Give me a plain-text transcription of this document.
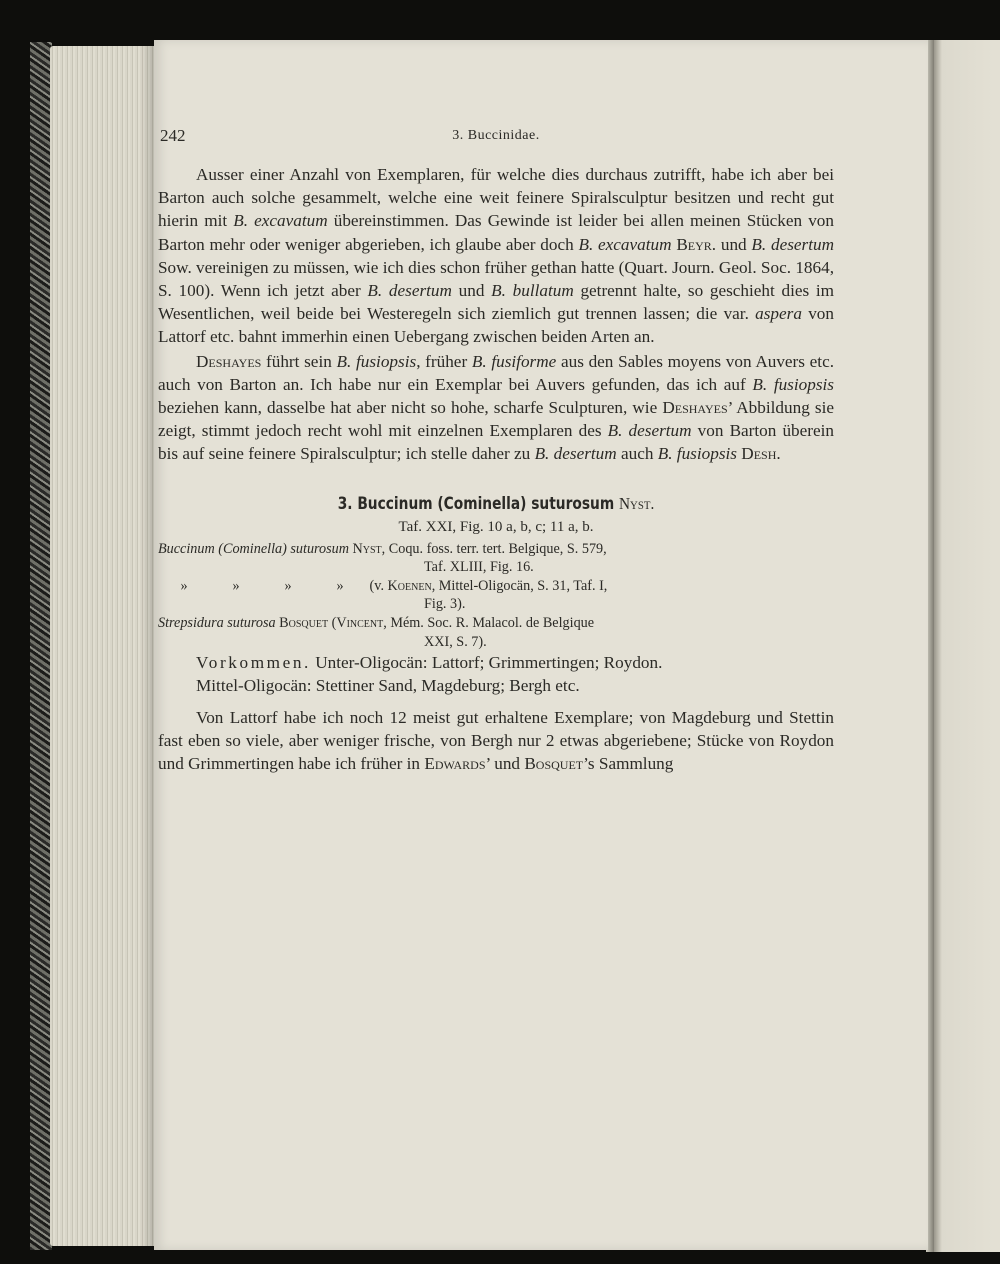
242	3. Buccinidae.

Ausser einer Anzahl von Exemplaren, für welche dies durchaus zutrifft, habe ich aber bei Barton auch solche gesammelt, welche eine weit feinere Spiralsculptur besitzen und recht gut hierin mit B. excavatum übereinstimmen. Das Gewinde ist leider bei allen meinen Stücken von Barton mehr oder weniger abgerieben, ich glaube aber doch B. excavatum Beyr. und B. desertum Sow. vereinigen zu müssen, wie ich dies schon früher gethan hatte (Quart. Journ. Geol. Soc. 1864, S. 100). Wenn ich jetzt aber B. desertum und B. bullatum getrennt halte, so geschieht dies im Wesentlichen, weil beide bei Westeregeln sich ziemlich gut trennen lassen; die var. aspera von Lattorf etc. bahnt immerhin einen Uebergang zwischen beiden Arten an.

Deshayes führt sein B. fusiopsis, früher B. fusiforme aus den Sables moyens von Auvers etc. auch von Barton an. Ich habe nur ein Exemplar bei Auvers gefunden, das ich auf B. fusiopsis beziehen kann, dasselbe hat aber nicht so hohe, scharfe Sculpturen, wie Deshayes’ Abbildung sie zeigt, stimmt jedoch recht wohl mit einzelnen Exemplaren des B. desertum von Barton überein bis auf seine feinere Spiralsculptur; ich stelle daher zu B. desertum auch B. fusiopsis Desh.

3. Buccinum (Cominella) suturosum Nyst.
Taf. XXI, Fig. 10 a, b, c; 11 a, b.
Buccinum (Cominella) suturosum Nyst, Coqu. foss. terr. tert. Belgique, S. 579,
Taf. XLIII, Fig. 16.
»	»	»	» (v. Koenen, Mittel-Oligocän, S. 31, Taf. I,
Fig. 3).
Strepsidura suturosa Bosquet (Vincent, Mém. Soc. R. Malacol. de Belgique
XXI, S. 7).

Vorkommen. Unter-Oligocän: Lattorf; Grimmertingen; Roydon.

Mittel-Oligocän: Stettiner Sand, Magdeburg; Bergh etc.

Von Lattorf habe ich noch 12 meist gut erhaltene Exemplare; von Magdeburg und Stettin fast eben so viele, aber weniger frische, von Bergh nur 2 etwas abgeriebene; Stücke von Roydon und Grimmertingen habe ich früher in Edwards’ und Bosquet’s Sammlung
